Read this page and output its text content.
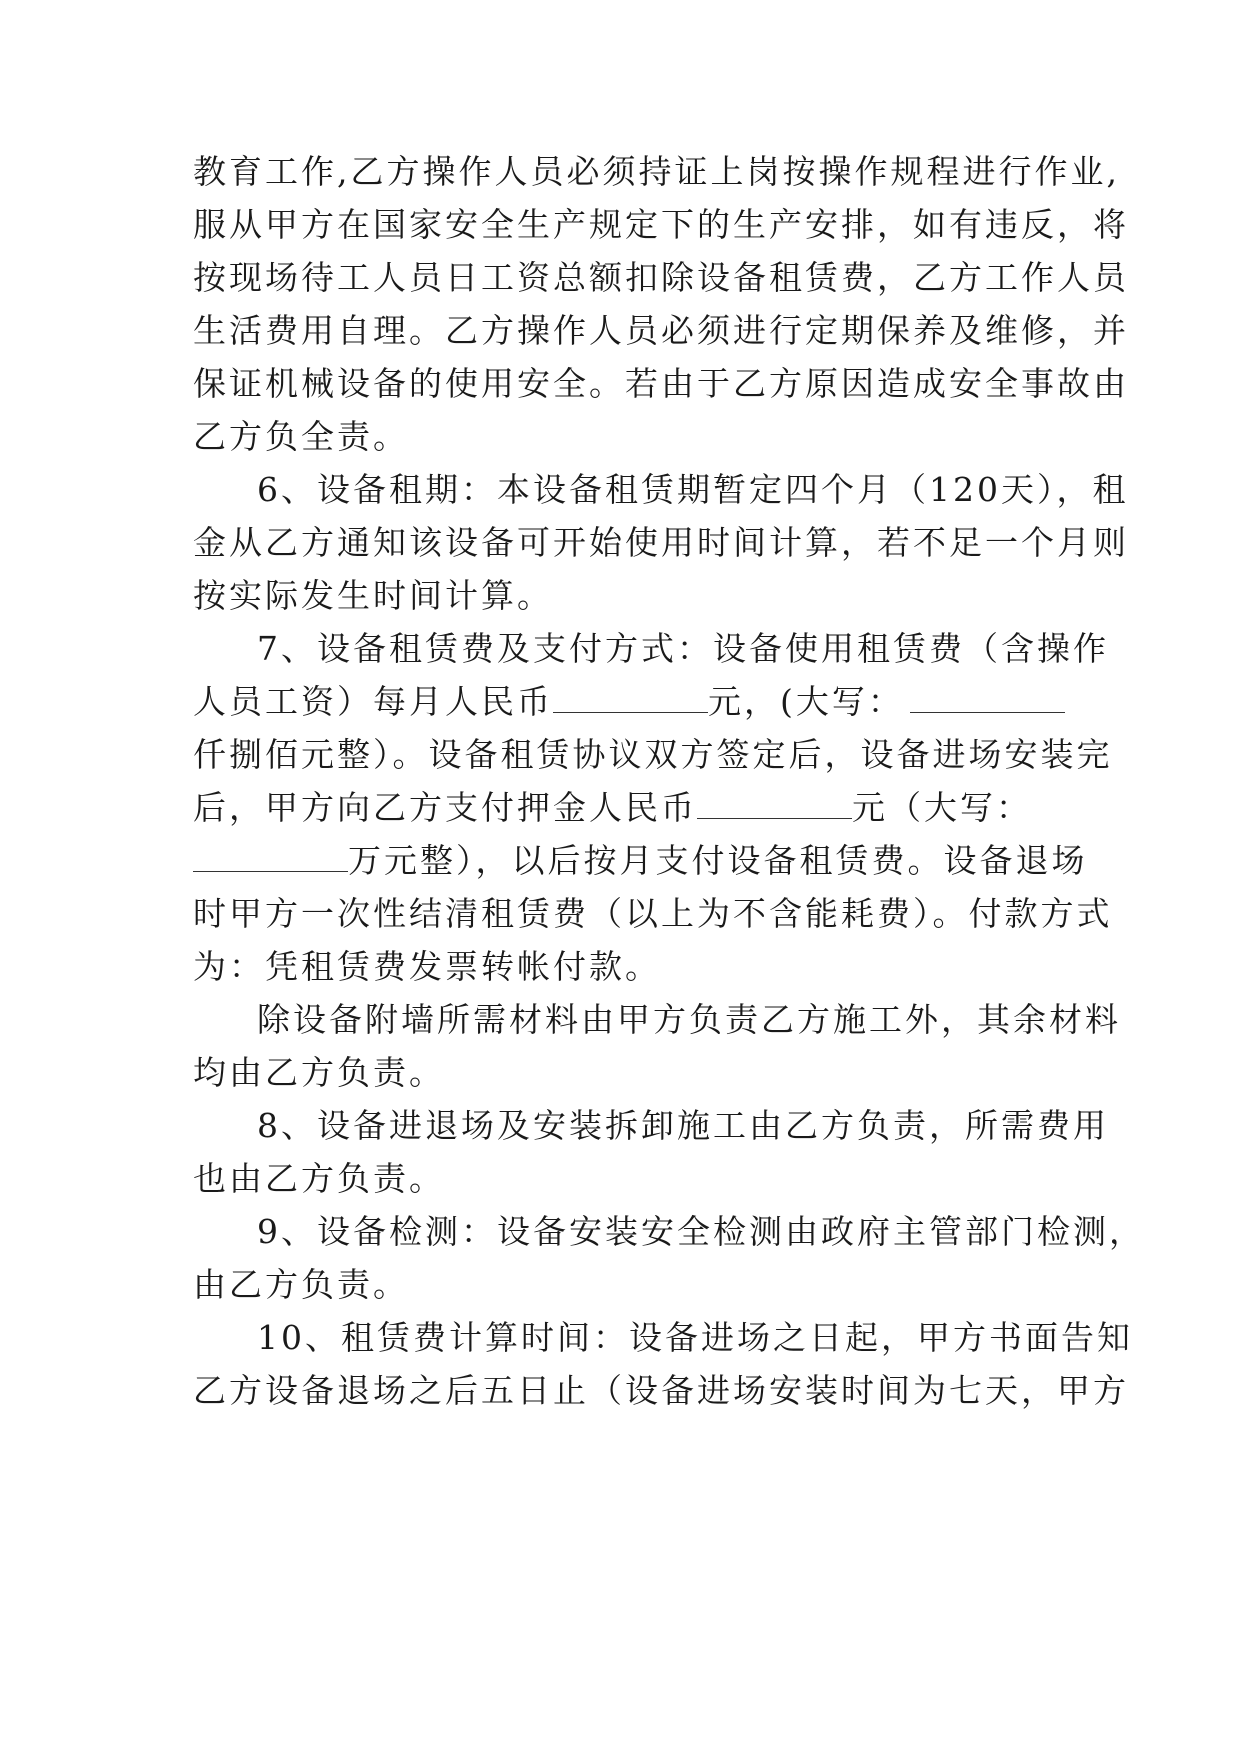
教育工作,乙方操作人员必须持证上岗按操作规程进行作业,
服从甲方在国家安全生产规定下的生产安排，如有违反，将
按现场待工人员日工资总额扣除设备租赁费，乙方工作人员
生活费用自理。乙方操作人员必须进行定期保养及维修，并
保证机械设备的使用安全。若由于乙方原因造成安全事故由
乙方负全责。
6、设备租期：本设备租赁期暂定四个月（120天），租
金从乙方通知该设备可开始使用时间计算，若不足一个月则
按实际发生时间计算。
7、设备租赁费及支付方式：设备使用租赁费（含操作
人员工资）每月人民币	元，(大写：
仟捌佰元整）。设备租赁协议双方签定后，设备进场安装完
后，甲方向乙方支付押金人民币	元（大写：
万元整），以后按月支付设备租赁费。设备退场
时甲方一次性结清租赁费（以上为不含能耗费）。付款方式
为：凭租赁费发票转帐付款。
除设备附墙所需材料由甲方负责乙方施工外，其余材料
均由乙方负责。
8、设备进退场及安装拆卸施工由乙方负责，所需费用
也由乙方负责。
9、设备检测：设备安装安全检测由政府主管部门检测，
由乙方负责。
10、租赁费计算时间：设备进场之日起，甲方书面告知
乙方设备退场之后五日止（设备进场安装时间为七天，甲方
